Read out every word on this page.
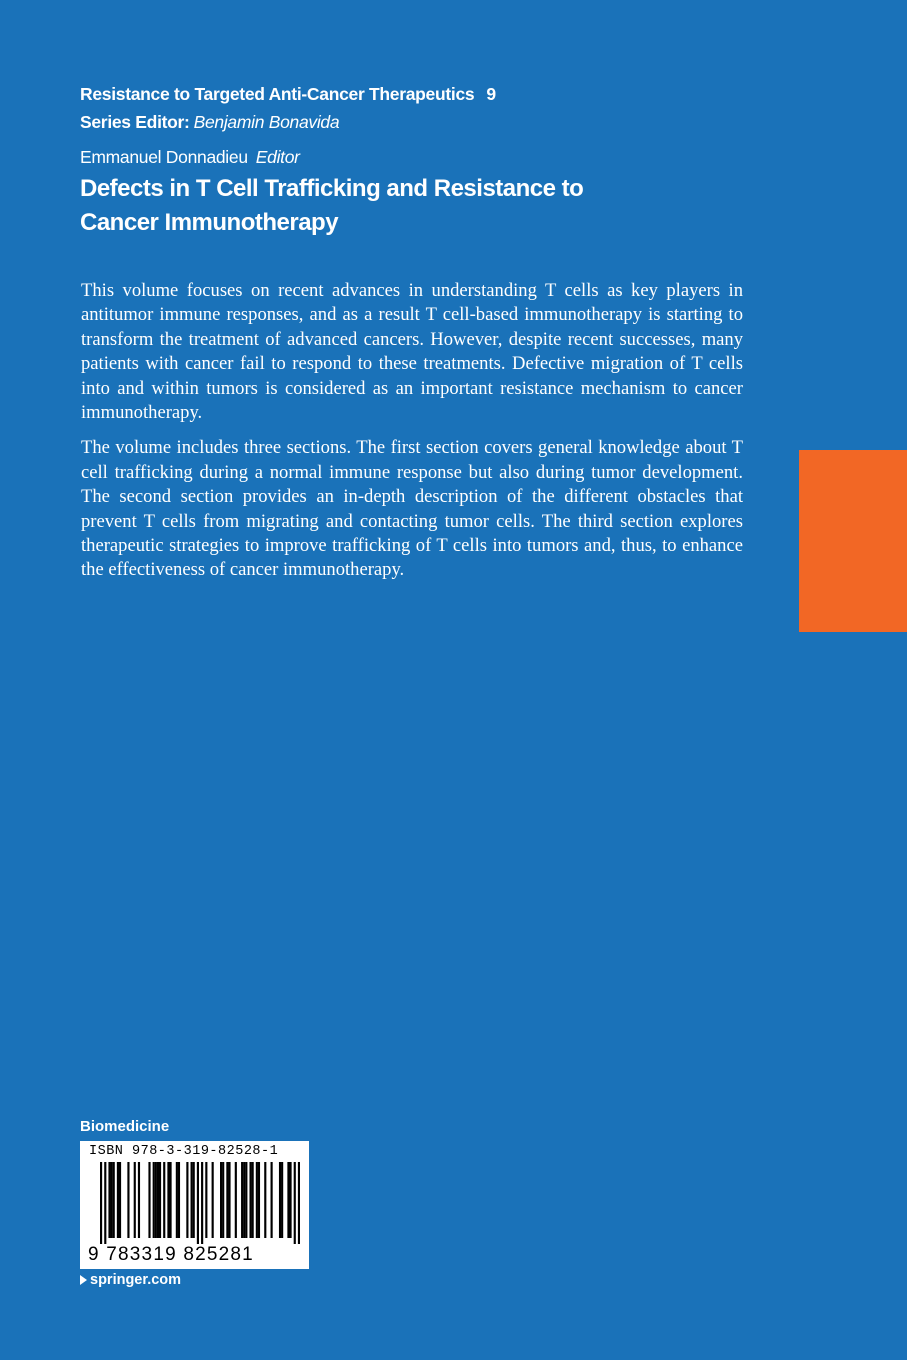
Resistance to Targeted Anti-Cancer Therapeutics 9
Series Editor: Benjamin Bonavida
Emmanuel Donnadieu Editor
Defects in T Cell Trafficking and Resistance to Cancer Immunotherapy

This volume focuses on recent advances in understanding T cells as key players in antitumor immune responses, and as a result T cell-based immunotherapy is starting to transform the treatment of advanced cancers. However, despite recent successes, many patients with cancer fail to respond to these treatments. Defective migration of T cells into and within tumors is considered as an important resistance mechanism to cancer immunotherapy.

The volume includes three sections. The first section covers general knowledge about T cell trafficking during a normal immune response but also during tumor development. The second section provides an in-depth description of the different obstacles that prevent T cells from migrating and contacting tumor cells. The third section explores therapeutic strategies to improve trafficking of T cells into tumors and, thus, to enhance the effectiveness of cancer immunotherapy.

Biomedicine
ISBN 978-3-319-82528-1
9 783319 825281
springer.com
